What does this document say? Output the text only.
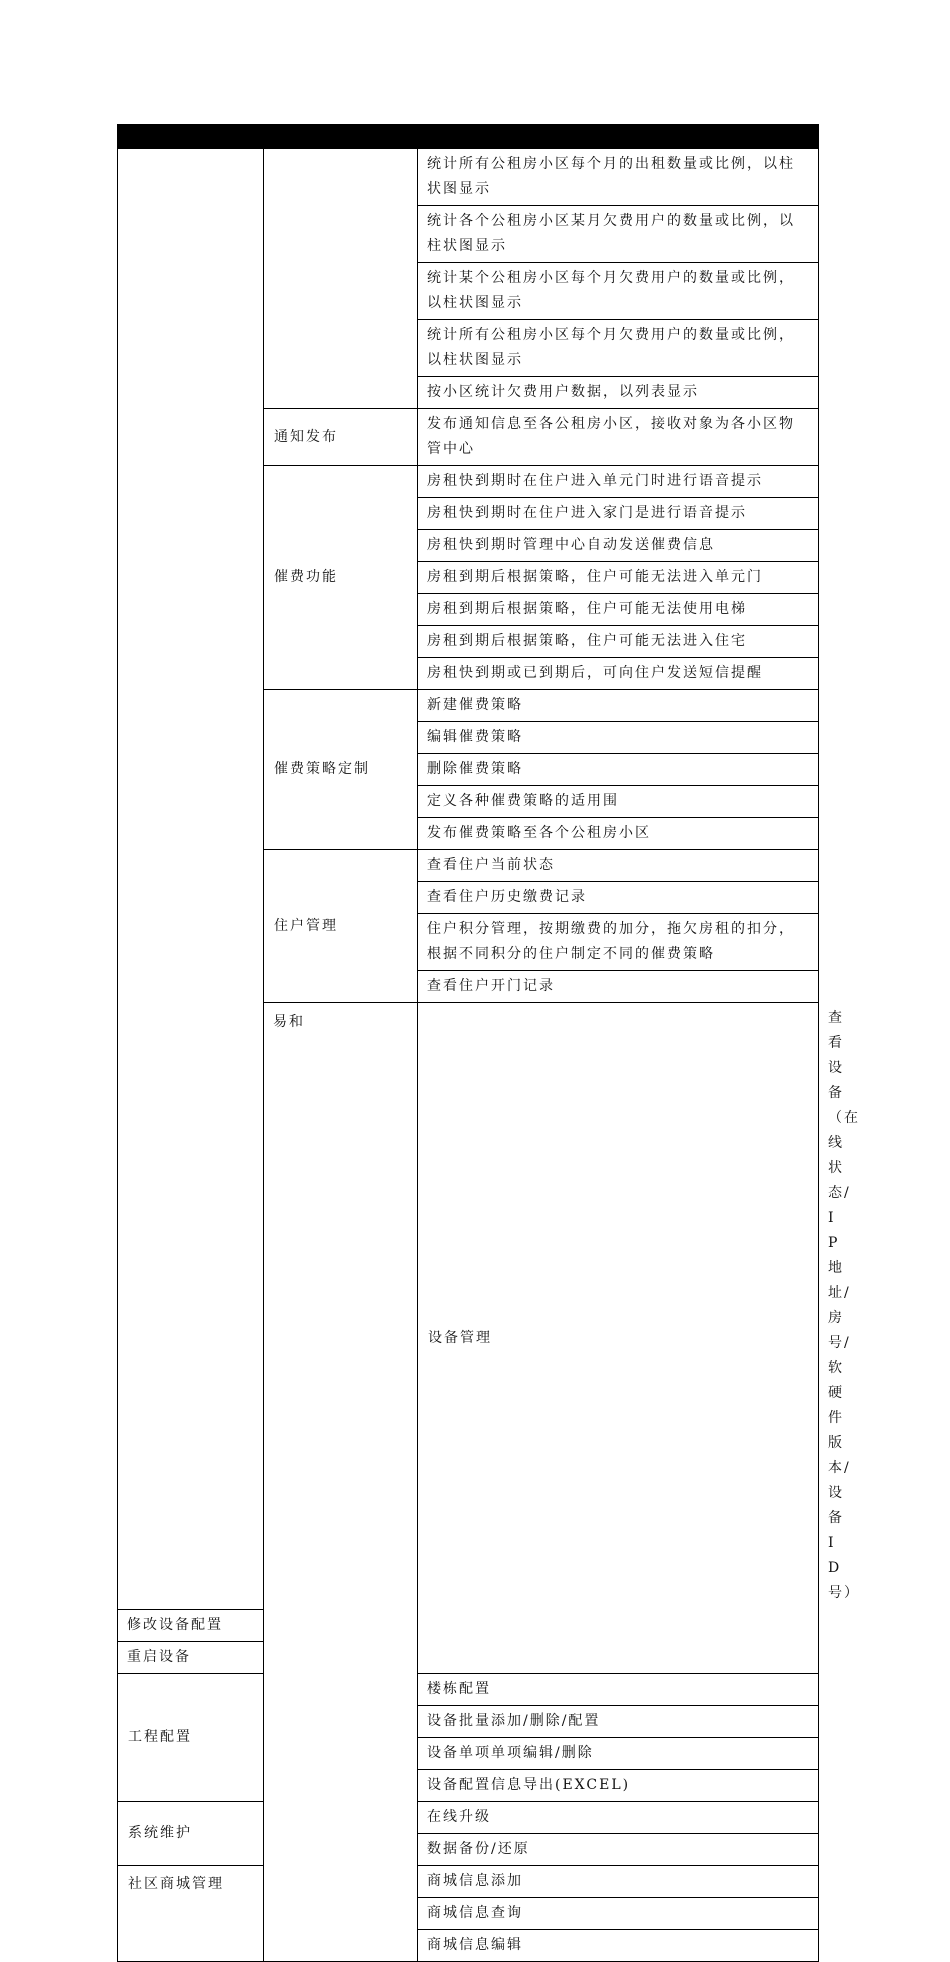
		统计所有公租房小区每个月的出租数量或比例，以柱状图显示	
		统计各个公租房小区某月欠费用户的数量或比例，以柱状图显示	
		统计某个公租房小区每个月欠费用户的数量或比例，以柱状图显示	
		统计所有公租房小区每个月欠费用户的数量或比例，以柱状图显示	
		按小区统计欠费用户数据，以列表显示	
	通知发布	发布通知信息至各公租房小区，接收对象为各小区物管中心	
	催费功能	房租快到期时在住户进入单元门时进行语音提示	
		房租快到期时在住户进入家门是进行语音提示	
		房租快到期时管理中心自动发送催费信息	
		房租到期后根据策略，住户可能无法进入单元门	
		房租到期后根据策略，住户可能无法使用电梯	
		房租到期后根据策略，住户可能无法进入住宅	
		房租快到期或已到期后，可向住户发送短信提醒	
	催费策略定制	新建催费策略	
		编辑催费策略	
		删除催费策略	
		定义各种催费策略的适用围	
		发布催费策略至各个公租房小区	
	住户管理	查看住户当前状态	
		查看住户历史缴费记录	
		住户积分管理，按期缴费的加分，拖欠房租的扣分，根据不同积分的住户制定不同的催费策略	
		查看住户开门记录	
	易和	设备管理	查看设备（在线状态/IP地址/房号/软硬件版本/设备ID号）
修改设备配置			
重启设备			
工程配置		楼栋配置	
		设备批量添加/删除/配置	
		设备单项单项编辑/删除	
		设备配置信息导出(EXCEL)	
系统维护		在线升级	
		数据备份/还原	
社区商城管理		商城信息添加	
		商城信息查询	
		商城信息编辑	
